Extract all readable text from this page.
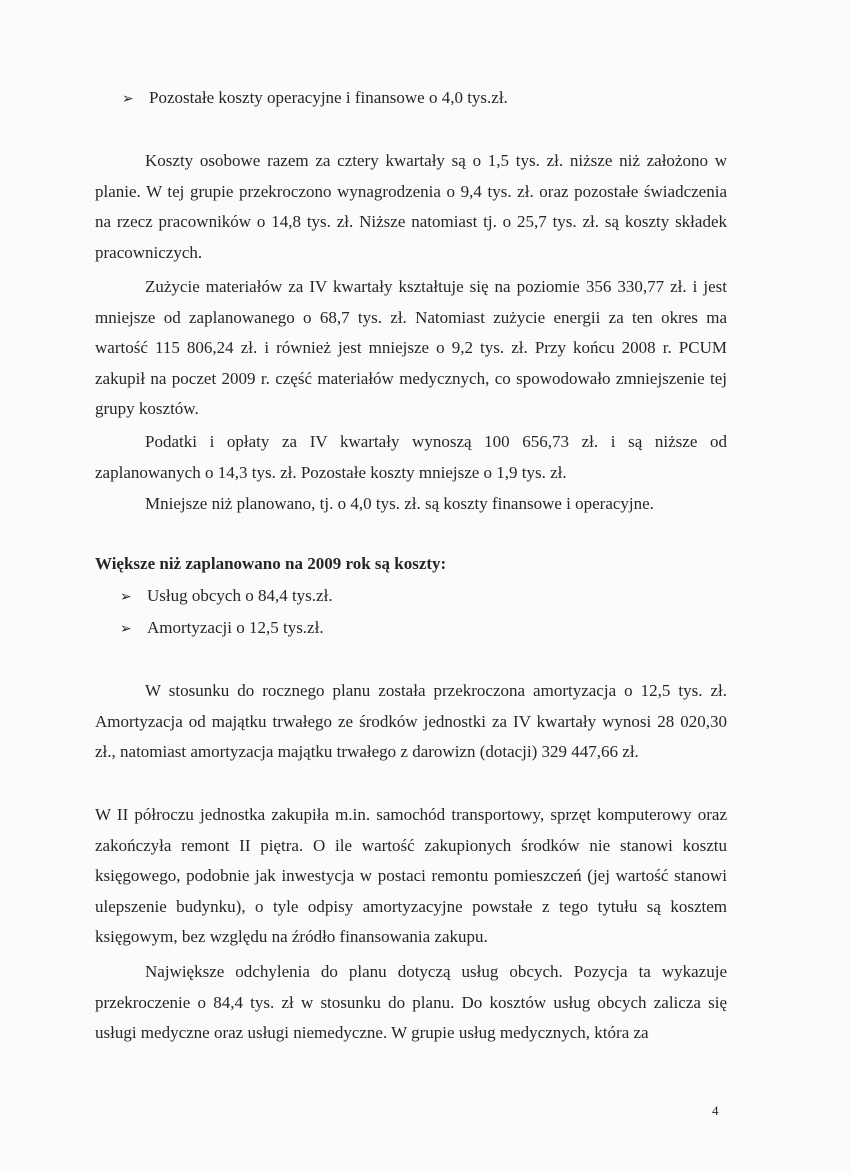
➢ Pozostałe koszty operacyjne i finansowe o 4,0 tys.zł.

Koszty osobowe razem za cztery kwartały są o 1,5 tys. zł. niższe niż założono w planie. W tej grupie przekroczono wynagrodzenia o 9,4 tys. zł. oraz pozostałe świadczenia na rzecz pracowników o 14,8 tys. zł. Niższe natomiast tj. o 25,7 tys. zł. są koszty składek pracowniczych.

Zużycie materiałów za IV kwartały kształtuje się na poziomie 356 330,77 zł. i jest mniejsze od zaplanowanego o 68,7 tys. zł. Natomiast zużycie energii za ten okres ma wartość 115 806,24 zł. i również jest mniejsze o 9,2 tys. zł. Przy końcu 2008 r. PCUM zakupił na poczet 2009 r. część materiałów medycznych, co spowodowało zmniejszenie tej grupy kosztów.

Podatki i opłaty za IV kwartały wynoszą 100 656,73 zł. i są niższe od zaplanowanych o 14,3 tys. zł. Pozostałe koszty mniejsze o 1,9 tys. zł.

Mniejsze niż planowano, tj. o 4,0 tys. zł. są koszty finansowe i operacyjne.

Większe niż zaplanowano na 2009 rok są koszty:
➢ Usług obcych o 84,4 tys.zł.
➢ Amortyzacji o 12,5 tys.zł.

W stosunku do rocznego planu została przekroczona amortyzacja o 12,5 tys. zł. Amortyzacja od majątku trwałego ze środków jednostki za IV kwartały wynosi 28 020,30 zł., natomiast amortyzacja majątku trwałego z darowizn (dotacji) 329 447,66 zł.

W II półroczu jednostka zakupiła m.in. samochód transportowy, sprzęt komputerowy oraz zakończyła remont II piętra. O ile wartość zakupionych środków nie stanowi kosztu księgowego, podobnie jak inwestycja w postaci remontu pomieszczeń (jej wartość stanowi ulepszenie budynku), o tyle odpisy amortyzacyjne powstałe z tego tytułu są kosztem księgowym, bez względu na źródło finansowania zakupu.

Największe odchylenia do planu dotyczą usług obcych. Pozycja ta wykazuje przekroczenie o 84,4 tys. zł w stosunku do planu. Do kosztów usług obcych zalicza się usługi medyczne oraz usługi niemedyczne. W grupie usług medycznych, która za

4
